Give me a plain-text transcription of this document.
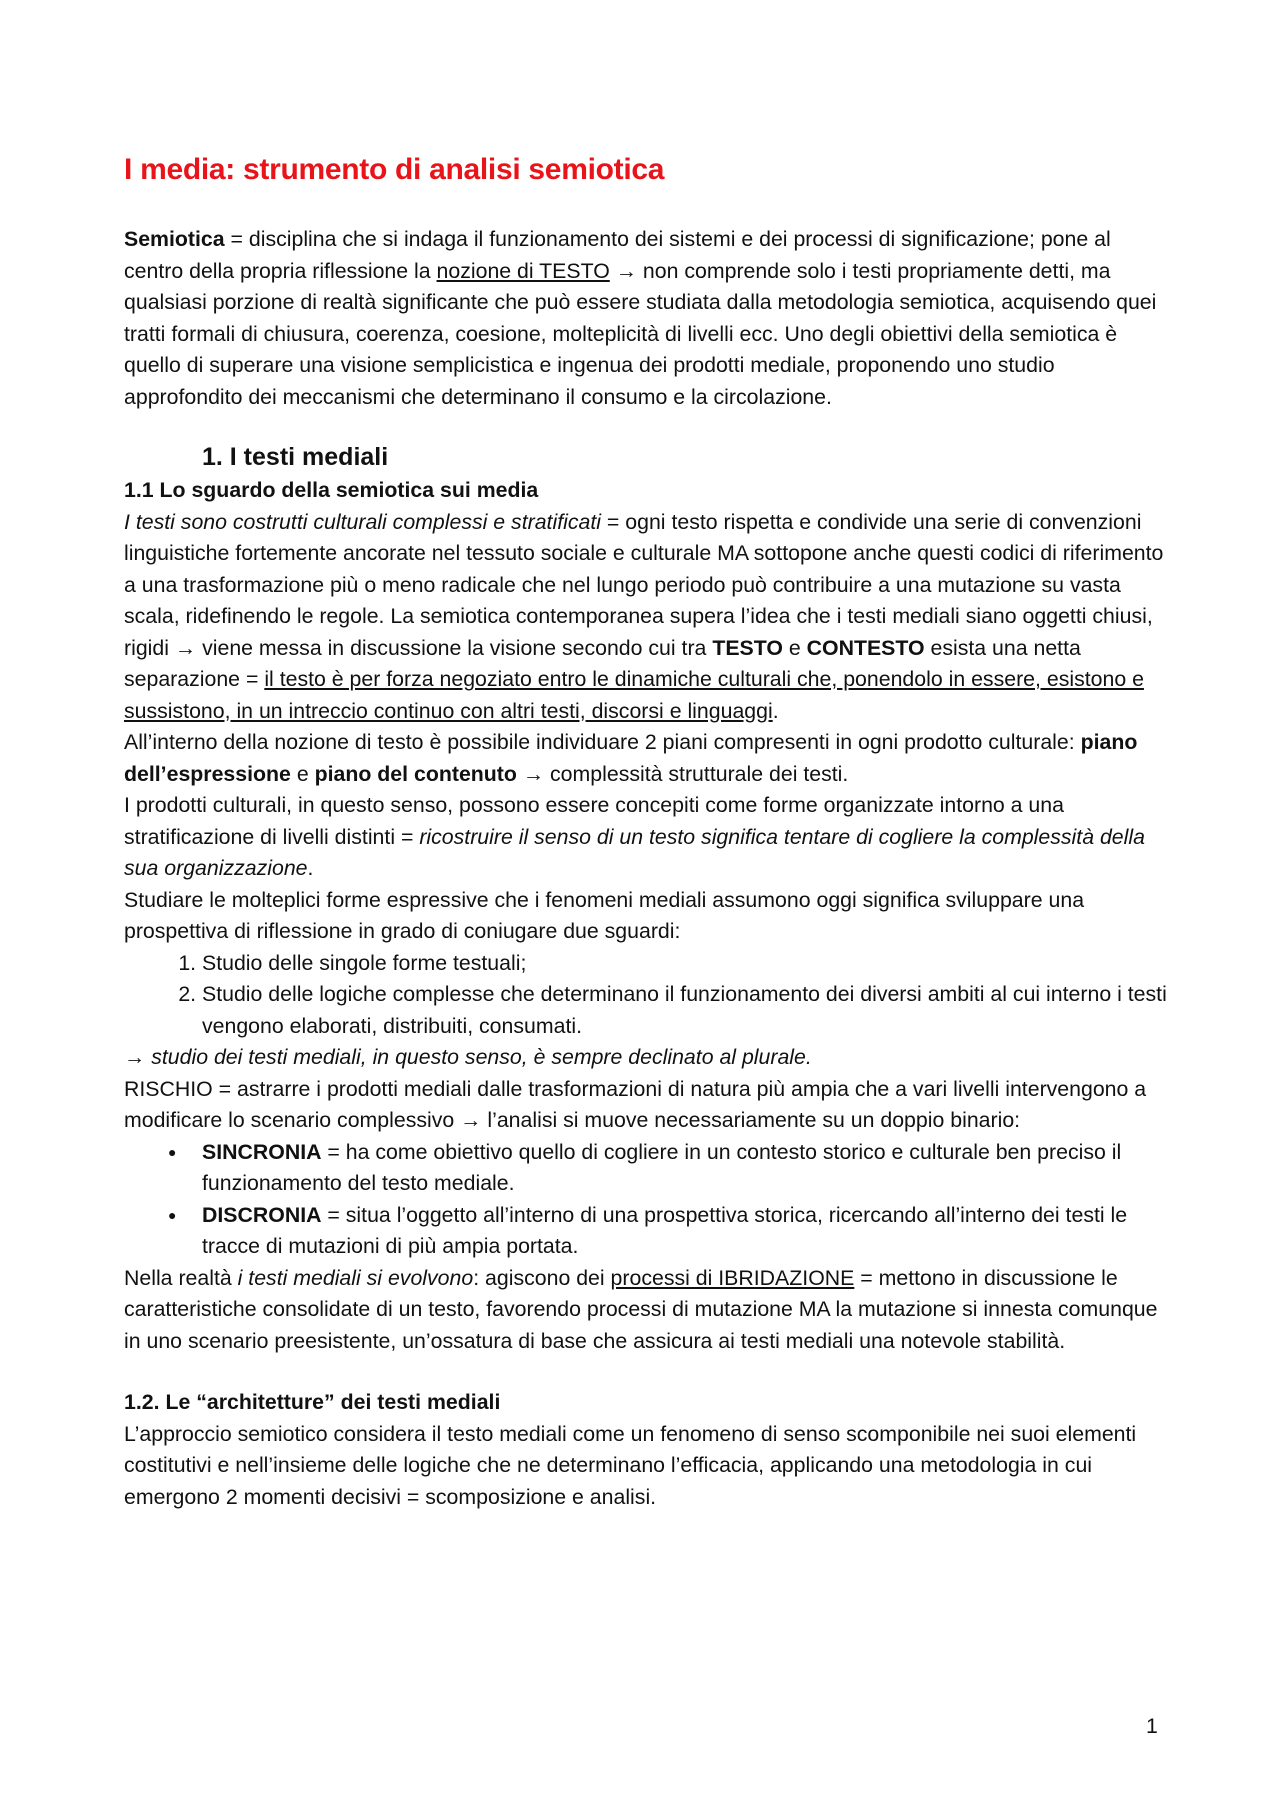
I media: strumento di analisi semiotica

Semiotica = disciplina che si indaga il funzionamento dei sistemi e dei processi di significazione; pone al centro della propria riflessione la nozione di TESTO → non comprende solo i testi propriamente detti, ma qualsiasi porzione di realtà significante che può essere studiata dalla metodologia semiotica, acquisendo quei tratti formali di chiusura, coerenza, coesione, molteplicità di livelli ecc. Uno degli obiettivi della semiotica è quello di superare una visione semplicistica e ingenua dei prodotti mediale, proponendo uno studio approfondito dei meccanismi che determinano il consumo e la circolazione.

1. I testi mediali
1.1 Lo sguardo della semiotica sui media

I testi sono costrutti culturali complessi e stratificati = ogni testo rispetta e condivide una serie di convenzioni linguistiche fortemente ancorate nel tessuto sociale e culturale MA sottopone anche questi codici di riferimento a una trasformazione più o meno radicale che nel lungo periodo può contribuire a una mutazione su vasta scala, ridefinendo le regole. La semiotica contemporanea supera l’idea che i testi mediali siano oggetti chiusi, rigidi → viene messa in discussione la visione secondo cui tra TESTO e CONTESTO esista una netta separazione = il testo è per forza negoziato entro le dinamiche culturali che, ponendolo in essere, esistono e sussistono, in un intreccio continuo con altri testi, discorsi e linguaggi.

All’interno della nozione di testo è possibile individuare 2 piani compresenti in ogni prodotto culturale: piano dell’espressione e piano del contenuto → complessità strutturale dei testi.

I prodotti culturali, in questo senso, possono essere concepiti come forme organizzate intorno a una stratificazione di livelli distinti = ricostruire il senso di un testo significa tentare di cogliere la complessità della sua organizzazione.

Studiare le molteplici forme espressive che i fenomeni mediali assumono oggi significa sviluppare una prospettiva di riflessione in grado di coniugare due sguardi:

1. Studio delle singole forme testuali;
2. Studio delle logiche complesse che determinano il funzionamento dei diversi ambiti al cui interno i testi vengono elaborati, distribuiti, consumati.

→ studio dei testi mediali, in questo senso, è sempre declinato al plurale.

RISCHIO = astrarre i prodotti mediali dalle trasformazioni di natura più ampia che a vari livelli intervengono a modificare lo scenario complessivo → l’analisi si muove necessariamente su un doppio binario:

● SINCRONIA = ha come obiettivo quello di cogliere in un contesto storico e culturale ben preciso il funzionamento del testo mediale.
● DISCRONIA = situa l’oggetto all’interno di una prospettiva storica, ricercando all’interno dei testi le tracce di mutazioni di più ampia portata.

Nella realtà i testi mediali si evolvono: agiscono dei processi di IBRIDAZIONE = mettono in discussione le caratteristiche consolidate di un testo, favorendo processi di mutazione MA la mutazione si innesta comunque in uno scenario preesistente, un’ossatura di base che assicura ai testi mediali una notevole stabilità.

1.2. Le “architetture” dei testi mediali

L’approccio semiotico considera il testo mediali come un fenomeno di senso scomponibile nei suoi elementi costitutivi e nell’insieme delle logiche che ne determinano l’efficacia, applicando una metodologia in cui emergono 2 momenti decisivi = scomposizione e analisi.

1
